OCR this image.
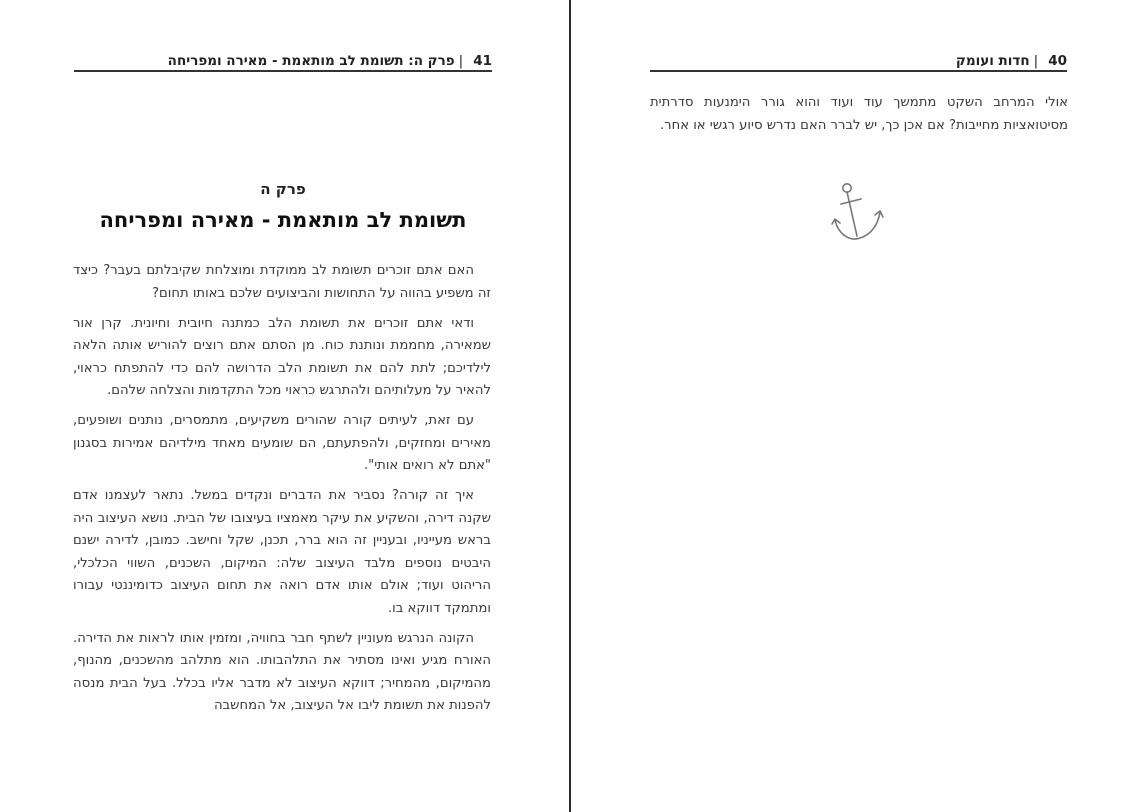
41|פרק ה: תשומת לב מותאמת - מאירה ומפריחה
פרק ה
תשומת לב מותאמת - מאירה ומפריחה

האם אתם זוכרים תשומת לב ממוקדת ומוצלחת שקיבלתם בעבר? כיצד זה משפיע בהווה על התחושות והביצועים שלכם באותו תחום?

ודאי אתם זוכרים את תשומת הלב כמתנה חיובית וחיונית. קרן אור שמאירה, מחממת ונותנת כוח. מן הסתם אתם רוצים להוריש אותה הלאה לילדיכם; לתת להם את תשומת הלב הדרושה להם כדי להתפתח כראוי, להאיר על מעלותיהם ולהתרגש כראוי מכל התקדמות והצלחה שלהם.

עם זאת, לעיתים קורה שהורים משקיעים, מתמסרים, נותנים ושופעים, מאירים ומחזקים, ולהפתעתם, הם שומעים מאחד מילדיהם אמירות בסגנון "אתם לא רואים אותי".

איך זה קורה? נסביר את הדברים ונקדים במשל. נתאר לעצמנו אדם שקנה דירה, והשקיע את עיקר מאמציו בעיצובו של הבית. נושא העיצוב היה בראש מעייניו, ובעניין זה הוא ברר, תכנן, שקל וחישב. כמובן, לדירה ישנם היבטים נוספים מלבד העיצוב שלה: המיקום, השכנים, השווי הכלכלי, הריהוט ועוד; אולם אותו אדם רואה את תחום העיצוב כדומיננטי עבורו ומתמקד דווקא בו.

הקונה הנרגש מעוניין לשתף חבר בחוויה, ומזמין אותו לראות את הדירה. האורח מגיע ואינו מסתיר את התלהבותו. הוא מתלהב מהשכנים, מהנוף, מהמיקום, מהמחיר; דווקא העיצוב לא מדבר אליו בכלל. בעל הבית מנסה להפנות את תשומת ליבו אל העיצוב, אל המחשבה

40|חדות ועומק

אולי המרחב השקט מתמשך עוד ועוד והוא גורר הימנעות סדרתית מסיטואציות מחייבות? אם אכן כך, יש לברר האם נדרש סיוע רגשי או אחר.
